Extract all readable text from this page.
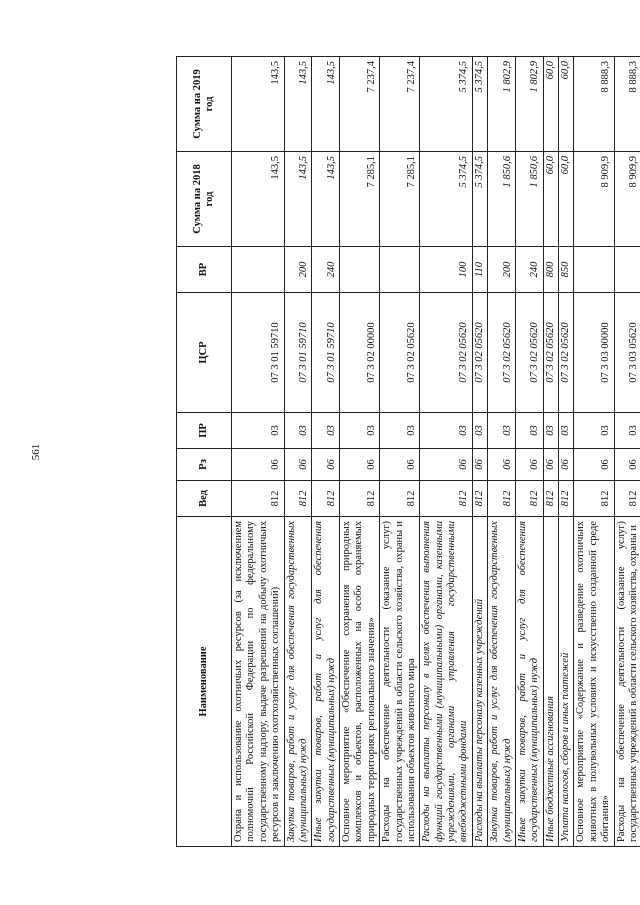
561
Наименование	Вед	Рз	ПР	ЦСР	ВР	Сумма на 2018 год	Сумма на 2019 год
Охрана и использование охотничьих ресурсов (за исключением полномочий Российской Федерации по федеральному государственному надзору, выдаче разрешений на добычу охотничьих ресурсов и заключению охотхозяйственных соглашений)	812	06	03	07 3 01 59710		143,5	143,5
Закупка товаров, работ и услуг для обеспечения государственных (муниципальных) нужд	812	06	03	07 3 01 59710	200	143,5	143,5
Иные закупки товаров, работ и услуг для обеспечения государственных (муниципальных) нужд	812	06	03	07 3 01 59710	240	143,5	143,5
Основное мероприятие «Обеспечение сохранения природных комплексов и объектов, расположенных на особо охраняемых природных территориях регионального значения»	812	06	03	07 3 02 00000		7 285,1	7 237,4
Расходы на обеспечение деятельности (оказание услуг) государственных учреждений в области сельского хозяйства, охраны и использования объектов животного мира	812	06	03	07 3 02 05620		7 285,1	7 237,4
Расходы на выплаты персоналу в целях обеспечения выполнения функций государственными (муниципальными) органами, казенными учреждениями, органами управления государственными внебюджетными фондами	812	06	03	07 3 02 05620	100	5 374,5	5 374,5
Расходы на выплаты персоналу казенных учреждений	812	06	03	07 3 02 05620	110	5 374,5	5 374,5
Закупка товаров, работ и услуг для обеспечения государственных (муниципальных) нужд	812	06	03	07 3 02 05620	200	1 850,6	1 802,9
Иные закупки товаров, работ и услуг для обеспечения государственных (муниципальных) нужд	812	06	03	07 3 02 05620	240	1 850,6	1 802,9
Иные бюджетные ассигнования	812	06	03	07 3 02 05620	800	60,0	60,0
Уплата налогов, сборов и иных платежей	812	06	03	07 3 02 05620	850	60,0	60,0
Основное мероприятие «Содержание и разведение охотничьих животных в полувольных условиях и искусственно созданной среде обитания»	812	06	03	07 3 03 00000		8 909,9	8 888,3
Расходы на обеспечение деятельности (оказание услуг) государственных учреждений в области сельского хозяйства, охраны и	812	06	03	07 3 03 05620		8 909,9	8 888,3
